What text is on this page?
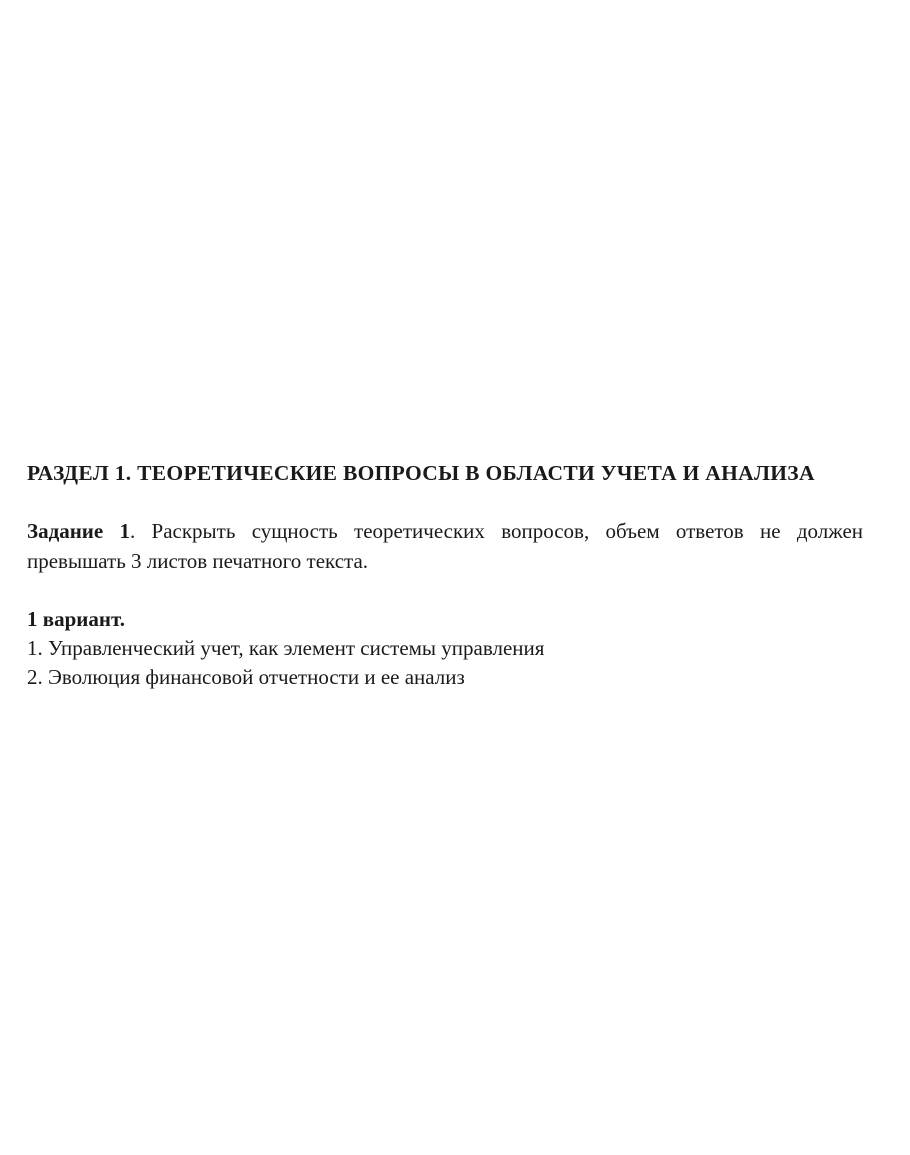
РАЗДЕЛ 1. ТЕОРЕТИЧЕСКИЕ ВОПРОСЫ В ОБЛАСТИ УЧЕТА И АНАЛИЗА

Задание 1. Раскрыть сущность теоретических вопросов, объем ответов не должен превышать 3 листов печатного текста.

1 вариант.

1. Управленческий учет, как элемент системы управления
2. Эволюция финансовой отчетности и ее анализ
